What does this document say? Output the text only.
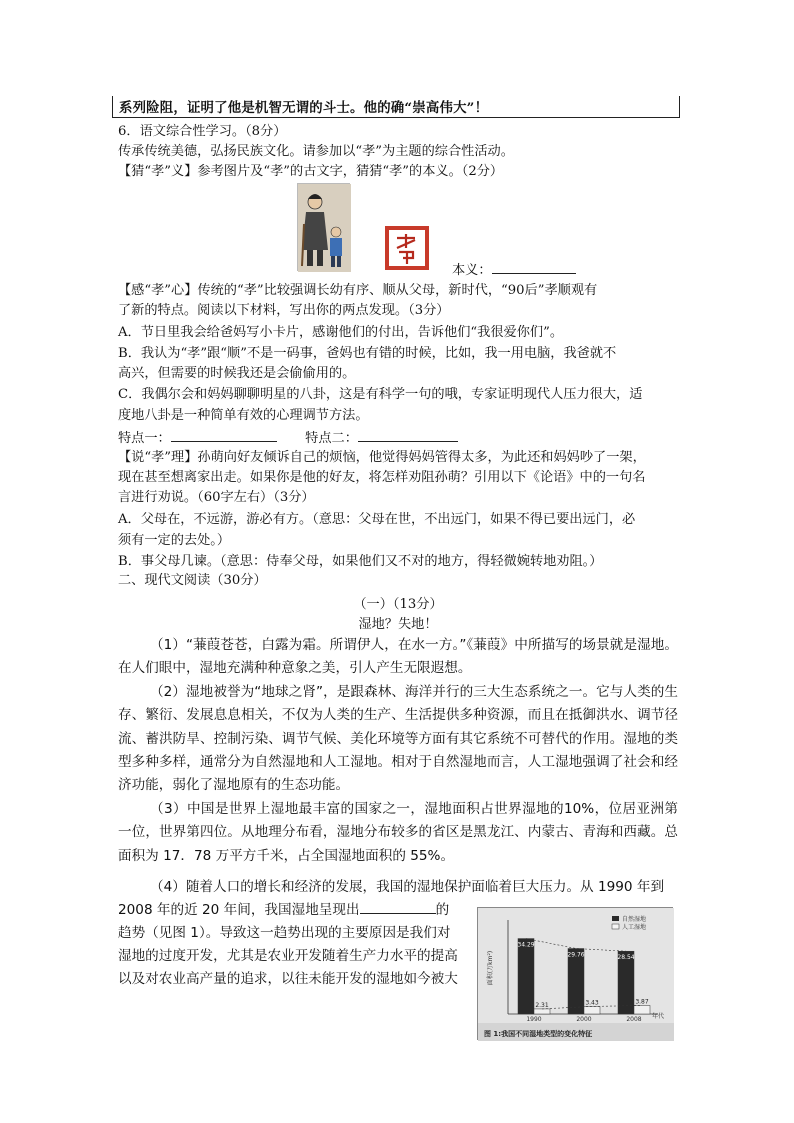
系列险阻，证明了他是机智无谓的斗士。他的确“崇高伟大”！
6．语文综合性学习。（8分）
传承传统美德，弘扬民族文化。请参加以“孝”为主题的综合性活动。
【猜“孝”义】参考图片及“孝”的古文字，猜猜“孝”的本义。（2分）
本义：
【感“孝”心】传统的“孝”比较强调长幼有序、顺从父母，新时代，“90后”孝顺观有
了新的特点。阅读以下材料，写出你的两点发现。（3分）
A．节日里我会给爸妈写小卡片，感谢他们的付出，告诉他们“我很爱你们”。
B．我认为“孝”跟“顺”不是一码事，爸妈也有错的时候，比如，我一用电脑，我爸就不
高兴，但需要的时候我还是会偷偷用的。
C．我偶尔会和妈妈聊聊明星的八卦，这是有科学一句的哦，专家证明现代人压力很大，适
度地八卦是一种简单有效的心理调节方法。
特点一：	特点二：
【说“孝”理】孙萌向好友倾诉自己的烦恼，他觉得妈妈管得太多，为此还和妈妈吵了一架，
现在甚至想离家出走。如果你是他的好友，将怎样劝阻孙萌？引用以下《论语》中的一句名
言进行劝说。（60字左右）（3分）
A．父母在，不远游，游必有方。（意思：父母在世，不出远门，如果不得已要出远门，必
须有一定的去处。）
B．事父母几谏。（意思：侍奉父母，如果他们又不对的地方，得轻微婉转地劝阻。）
二、现代文阅读（30分）
（一）（13分）
湿地？失地！

（1）“蒹葭苍苍，白露为霜。所谓伊人，在水一方。”《蒹葭》中所描写的场景就是湿地。在人们眼中，湿地充满种种意象之美，引人产生无限遐想。

（2）湿地被誉为“地球之肾”，是跟森林、海洋并行的三大生态系统之一。它与人类的生存、繁衍、发展息息相关，不仅为人类的生产、生活提供多种资源，而且在抵御洪水、调节径流、蓄洪防旱、控制污染、调节气候、美化环境等方面有其它系统不可替代的作用。湿地的类型多种多样，通常分为自然湿地和人工湿地。相对于自然湿地而言，人工湿地强调了社会和经济功能，弱化了湿地原有的生态功能。

（3）中国是世界上湿地最丰富的国家之一，湿地面积占世界湿地的10%，位居亚洲第一位，世界第四位。从地理分布看，湿地分布较多的省区是黑龙江、内蒙古、青海和西藏。总面积为 17．78 万平方千米，占全国湿地面积的 55%。

（4）随着人口的增长和经济的发展，我国的湿地保护面临着巨大压力。从 1990 年到
2008 年的近 20 年间，我国湿地呈现出	的
趋势（见图 1）。导致这一趋势出现的主要原因是我们对
湿地的过度开发，尤其是农业开发随着生产力水平的提高
以及对农业高产量的追求，以往未能开发的湿地如今被大	面积(万km²)
年代
自然湿地
人工湿地
34.29
2.31
1990
29.76
3.43
2000
28.54
3.87
2008
图 1:我国不同湿地类型的变化特征
